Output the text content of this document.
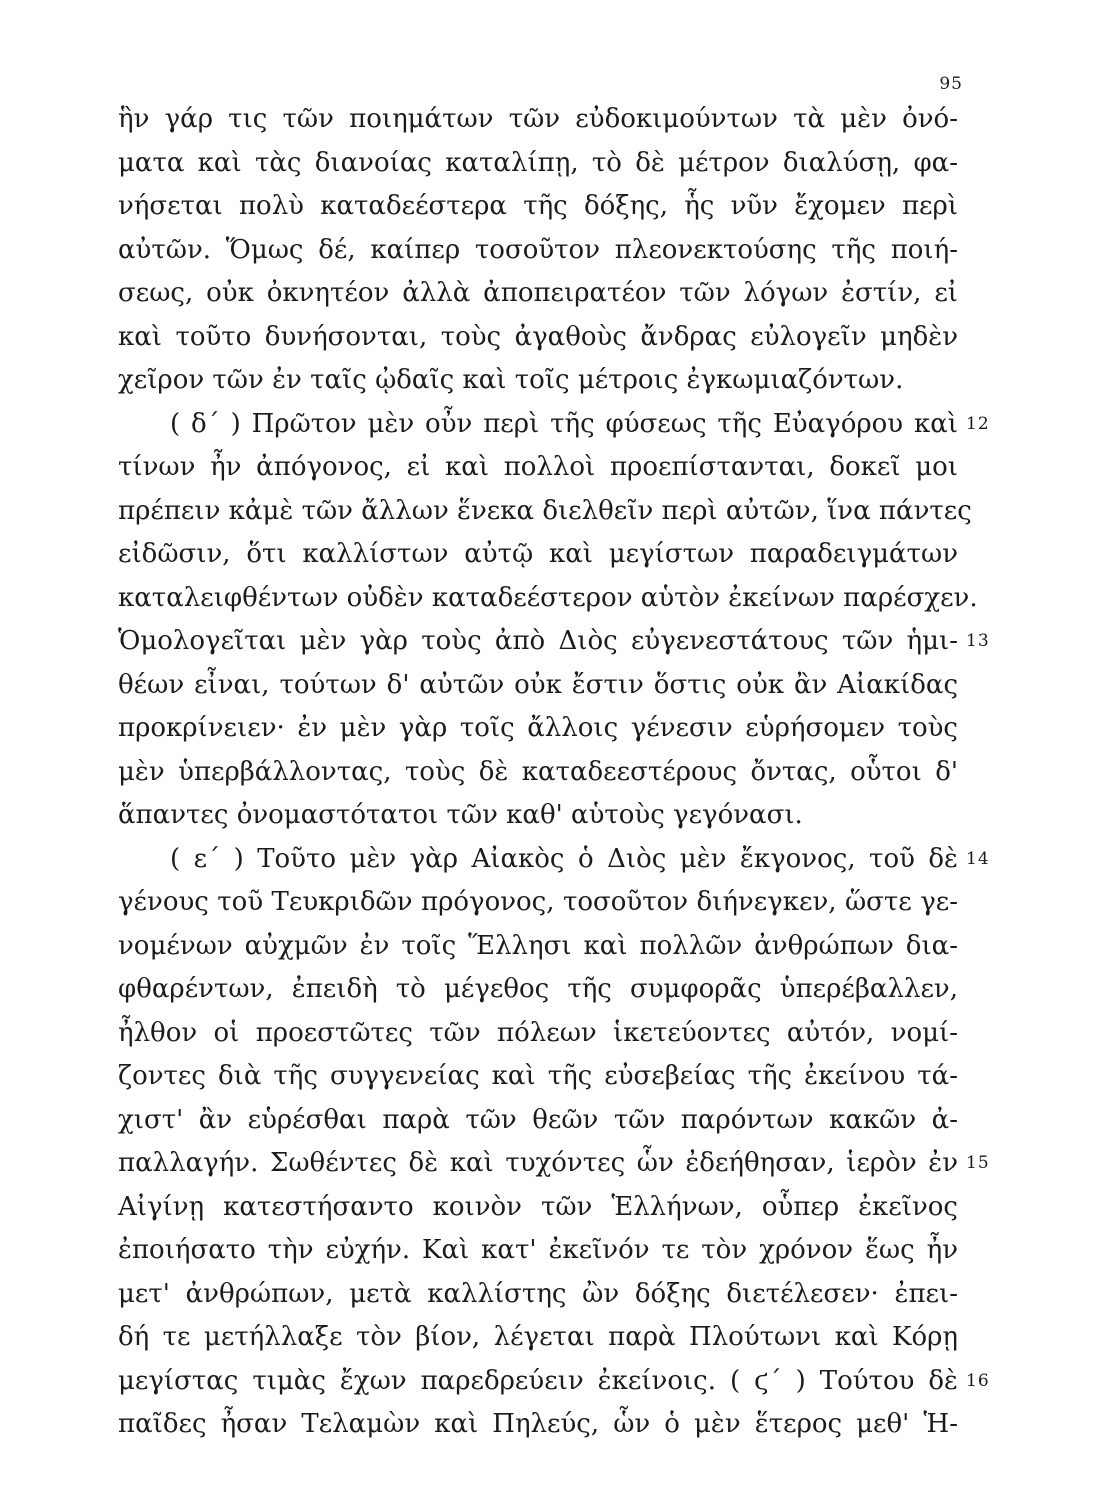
95
ἣν γάρ τις τῶν ποιημάτων τῶν εὐδοκιμούντων τὰ μὲν ὀνό-
ματα καὶ τὰς διανοίας καταλίπῃ, τὸ δὲ μέτρον διαλύσῃ, φα-
νήσεται πολὺ καταδεέστερα τῆς δόξης, ἧς νῦν ἔχομεν περὶ
αὐτῶν. Ὅμως δέ, καίπερ τοσοῦτον πλεονεκτούσης τῆς ποιή-
σεως, οὐκ ὀκνητέον ἀλλὰ ἀποπειρατέον τῶν λόγων ἐστίν, εἰ
καὶ τοῦτο δυνήσονται, τοὺς ἀγαθοὺς ἄνδρας εὐλογεῖν μηδὲν
χεῖρον τῶν ἐν ταῖς ᾠδαῖς καὶ τοῖς μέτροις ἐγκωμιαζόντων.
( δ΄ ) Πρῶτον μὲν οὖν περὶ τῆς φύσεως τῆς Εὐαγόρου καὶ 12
τίνων ἦν ἀπόγονος, εἰ καὶ πολλοὶ προεπίστανται, δοκεῖ μοι
πρέπειν κἀμὲ τῶν ἄλλων ἕνεκα διελθεῖν περὶ αὐτῶν, ἵνα πάντες
εἰδῶσιν, ὅτι καλλίστων αὐτῷ καὶ μεγίστων παραδειγμάτων
καταλειφθέντων οὐδὲν καταδεέστερον αὑτὸν ἐκείνων παρέσχεν.
Ὁμολογεῖται μὲν γὰρ τοὺς ἀπὸ Διὸς εὐγενεστάτους τῶν ἡμι- 13
θέων εἶναι, τούτων δ' αὐτῶν οὐκ ἔστιν ὅστις οὐκ ἂν Αἰακίδας
προκρίνειεν· ἐν μὲν γὰρ τοῖς ἄλλοις γένεσιν εὑρήσομεν τοὺς
μὲν ὑπερβάλλοντας, τοὺς δὲ καταδεεστέρους ὄντας, οὗτοι δ'
ἅπαντες ὀνομαστότατοι τῶν καθ' αὑτοὺς γεγόνασι.
( ε΄ ) Τοῦτο μὲν γὰρ Αἰακὸς ὁ Διὸς μὲν ἔκγονος, τοῦ δὲ 14
γένους τοῦ Τευκριδῶν πρόγονος, τοσοῦτον διήνεγκεν, ὥστε γε-
νομένων αὐχμῶν ἐν τοῖς Ἕλλησι καὶ πολλῶν ἀνθρώπων δια-
φθαρέντων, ἐπειδὴ τὸ μέγεθος τῆς συμφορᾶς ὑπερέβαλλεν,
ἦλθον οἱ προεστῶτες τῶν πόλεων ἱκετεύοντες αὐτόν, νομί-
ζοντες διὰ τῆς συγγενείας καὶ τῆς εὐσεβείας τῆς ἐκείνου τά-
χιστ' ἂν εὑρέσθαι παρὰ τῶν θεῶν τῶν παρόντων κακῶν ἀ-
παλλαγήν. Σωθέντες δὲ καὶ τυχόντες ὧν ἐδεήθησαν, ἱερὸν ἐν 15
Αἰγίνῃ κατεστήσαντο κοινὸν τῶν Ἑλλήνων, οὗπερ ἐκεῖνος
ἐποιήσατο τὴν εὐχήν. Καὶ κατ' ἐκεῖνόν τε τὸν χρόνον ἕως ἦν
μετ' ἀνθρώπων, μετὰ καλλίστης ὢν δόξης διετέλεσεν· ἐπει-
δή τε μετήλλαξε τὸν βίον, λέγεται παρὰ Πλούτωνι καὶ Κόρῃ
μεγίστας τιμὰς ἔχων παρεδρεύειν ἐκείνοις. ( ϛ΄ ) Τούτου δὲ 16
παῖδες ἦσαν Τελαμὼν καὶ Πηλεύς, ὧν ὁ μὲν ἕτερος μεθ' Ἡ-
